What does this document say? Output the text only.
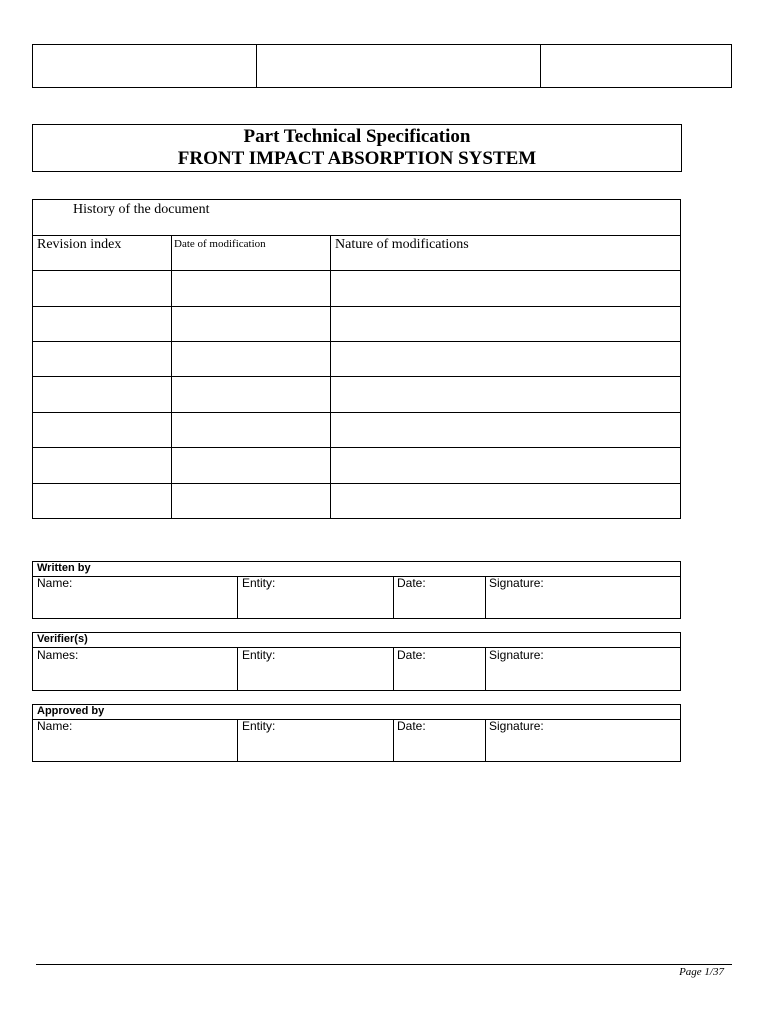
Part Technical Specification
FRONT IMPACT ABSORPTION SYSTEM
History of the document
Revision index	Date of modification	Nature of modifications
Written by
Name:	Entity:	Date:	Signature:
Verifier(s)
Names:	Entity:	Date:	Signature:
Approved by
Name:	Entity:	Date:	Signature:
Page 1/37
